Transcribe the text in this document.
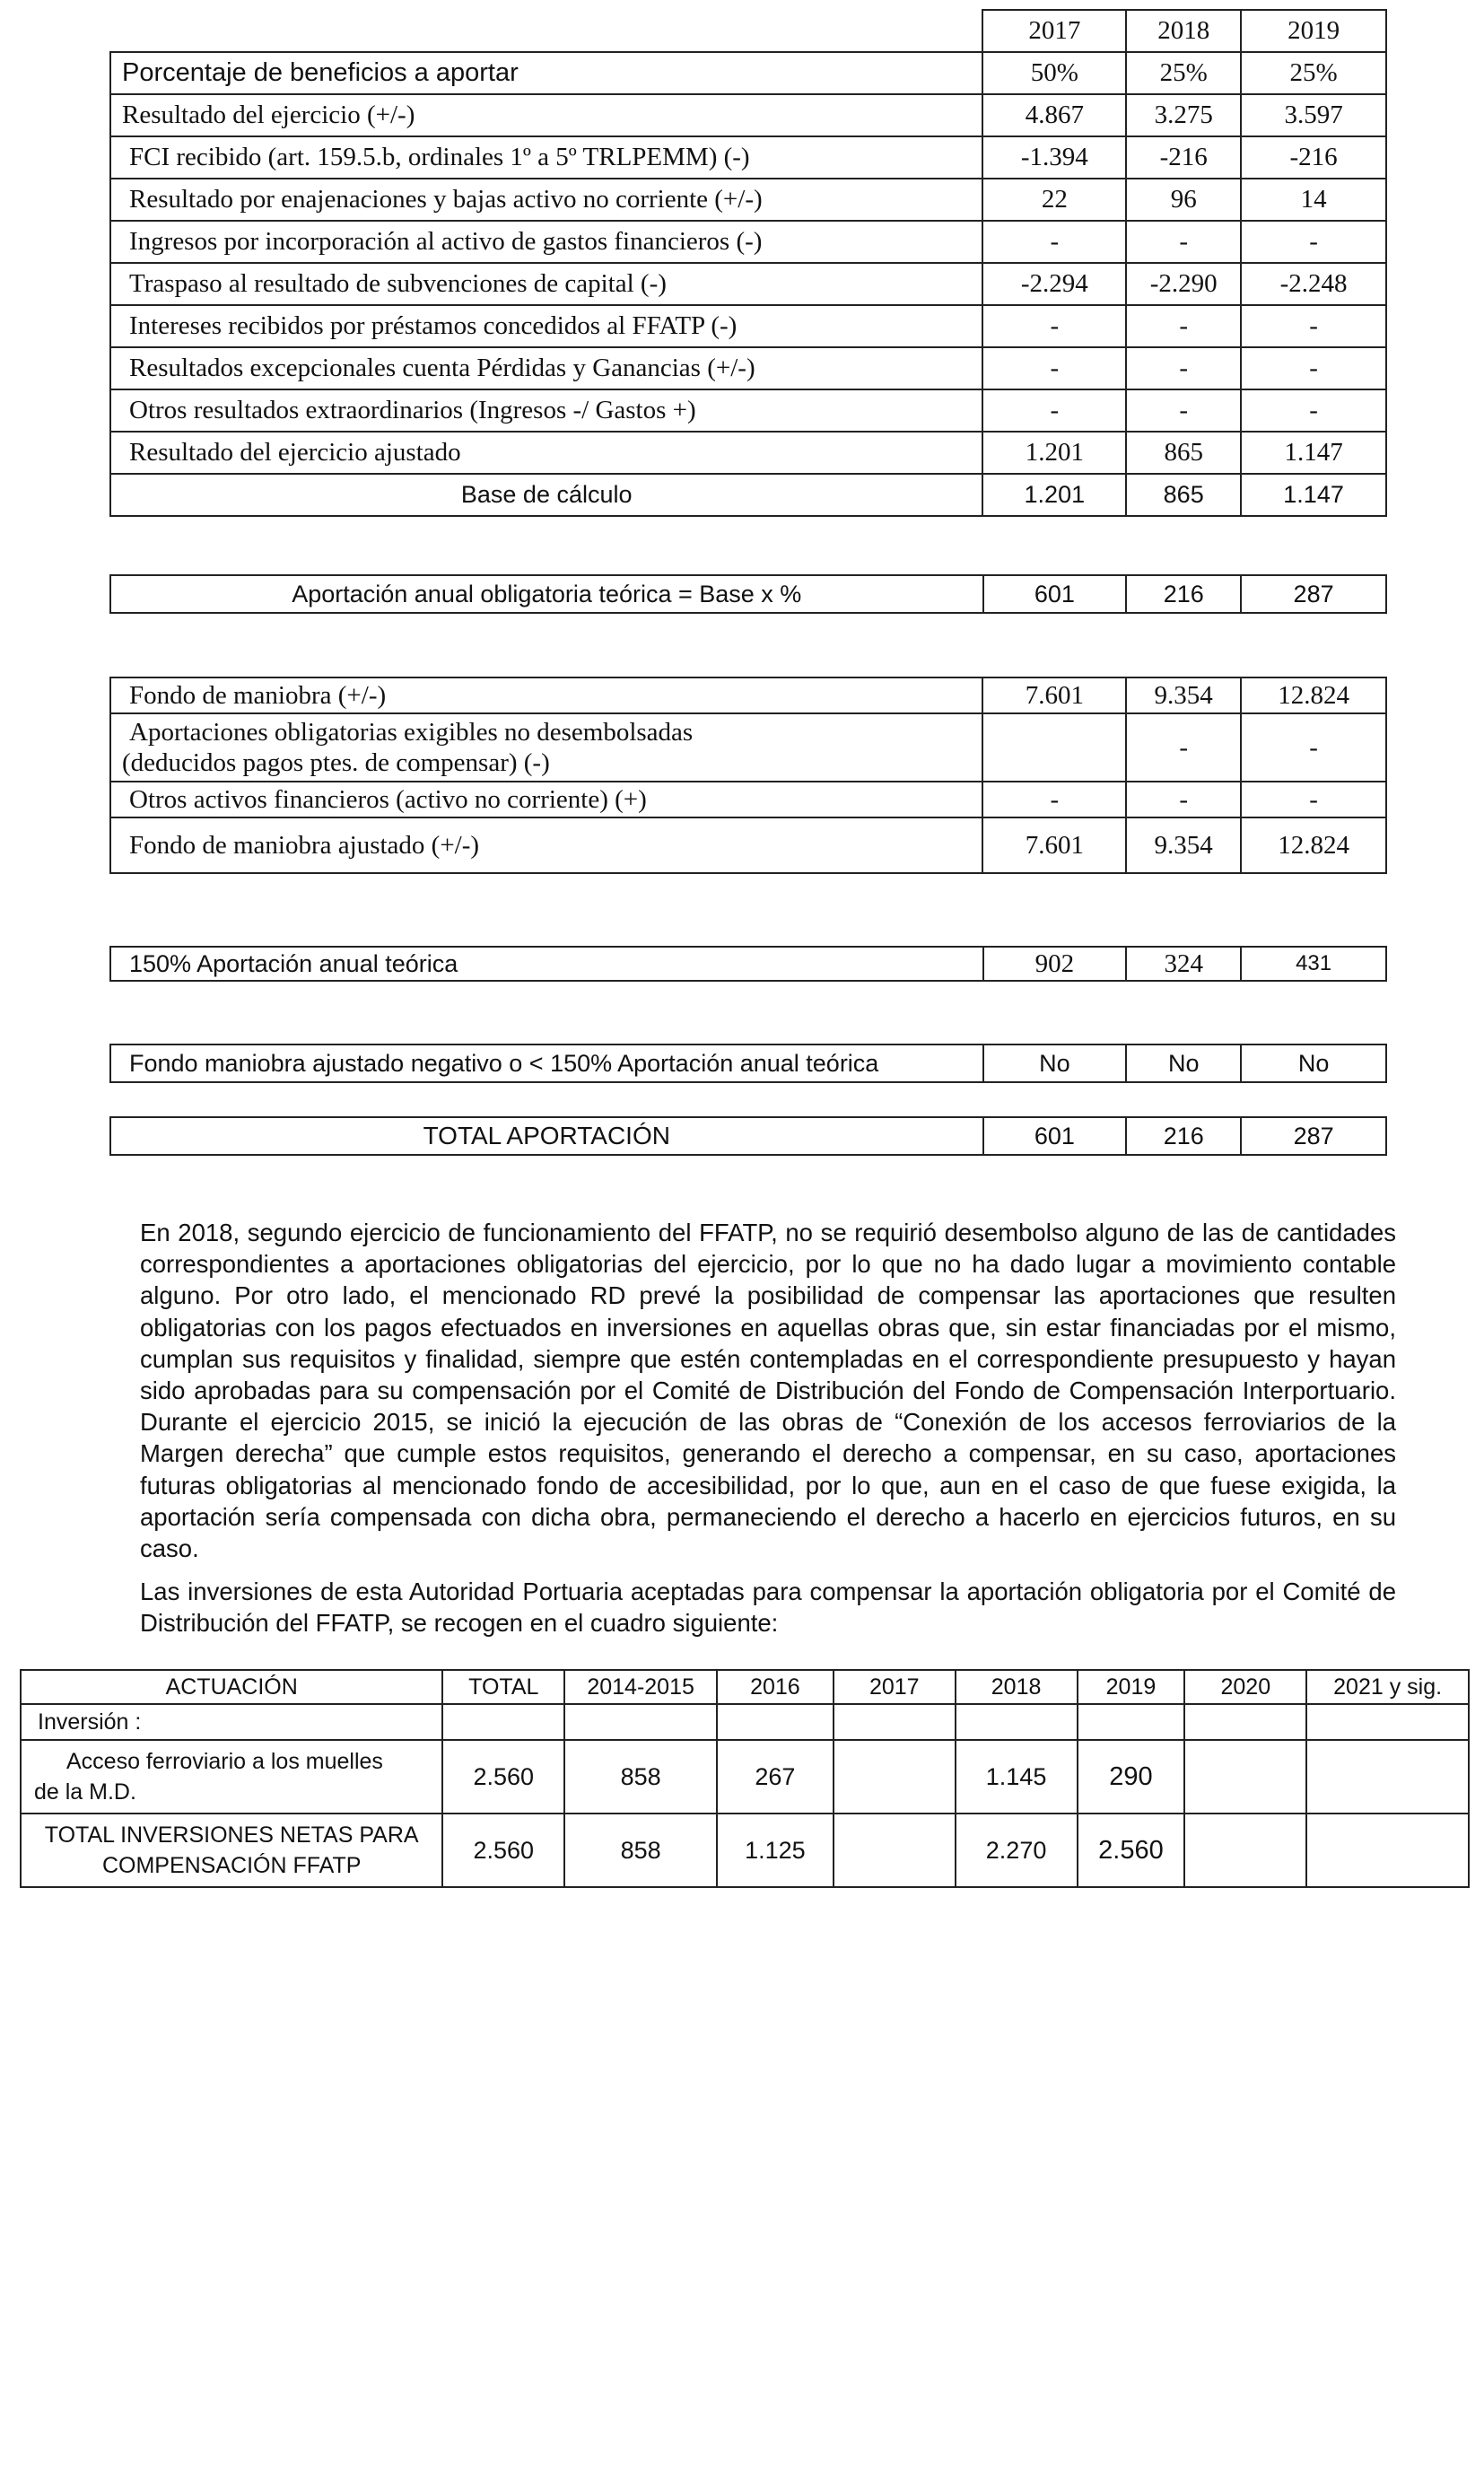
	2017	2018	2019
Porcentaje de beneficios a aportar	50%	25%	25%
Resultado del ejercicio (+/-)	4.867	3.275	3.597
FCI recibido (art. 159.5.b, ordinales 1º a 5º TRLPEMM) (-)	-1.394	-216	-216
Resultado por enajenaciones y bajas activo no corriente (+/-)	22	96	14
Ingresos por incorporación al activo de gastos financieros (-)	-	-	-
Traspaso al resultado de subvenciones de capital (-)	-2.294	-2.290	-2.248
Intereses recibidos por préstamos concedidos al FFATP (-)	-	-	-
Resultados excepcionales cuenta Pérdidas y Ganancias (+/-)	-	-	-
Otros resultados extraordinarios (Ingresos -/ Gastos +)	-	-	-
Resultado del ejercicio ajustado	1.201	865	1.147
Base de cálculo	1.201	865	1.147
Aportación anual obligatoria teórica = Base x %	601	216	287
Fondo de maniobra (+/-)	7.601	9.354	12.824

Aportaciones obligatorias exigibles no desembolsadas
(deducidos pagos ptes. de compensar) (-)		-	-
Otros activos financieros (activo no corriente) (+)	-	-	-
Fondo de maniobra ajustado (+/-)	7.601	9.354	12.824
150% Aportación anual teórica	902	324	431
Fondo maniobra ajustado negativo o < 150% Aportación anual teórica	No	No	No
TOTAL APORTACIÓN	601	216	287

En 2018, segundo ejercicio de funcionamiento del FFATP, no se requirió desembolso alguno de las de cantidades correspondientes a aportaciones obligatorias del ejercicio, por lo que no ha dado lugar a movimiento contable alguno. Por otro lado, el mencionado RD prevé la posibilidad de compensar las aportaciones que resulten obligatorias con los pagos efectuados en inversiones en aquellas obras que, sin estar financiadas por el mismo, cumplan sus requisitos y finalidad, siempre que estén contempladas en el correspondiente presupuesto y hayan sido aprobadas para su compensación por el Comité de Distribución del Fondo de Compensación Interportuario. Durante el ejercicio 2015, se inició la ejecución de las obras de “Conexión de los accesos ferroviarios de la Margen derecha” que cumple estos requisitos, generando el derecho a compensar, en su caso, aportaciones futuras obligatorias al mencionado fondo de accesibilidad, por lo que, aun en el caso de que fuese exigida, la aportación sería compensada con dicha obra, permaneciendo el derecho a hacerlo en ejercicios futuros, en su caso.

Las inversiones de esta Autoridad Portuaria aceptadas para compensar la aportación obligatoria por el Comité de Distribución del FFATP, se recogen en el cuadro siguiente:

ACTUACIÓN	TOTAL	2014-2015	2016	2017	2018	2019	2020	2021 y sig.
Inversión :								

Acceso ferroviario a los muelles
de la M.D.	2.560	858	267		1.145	290		

TOTAL INVERSIONES NETAS PARA
COMPENSACIÓN FFATP	2.560	858	1.125		2.270	2.560		
